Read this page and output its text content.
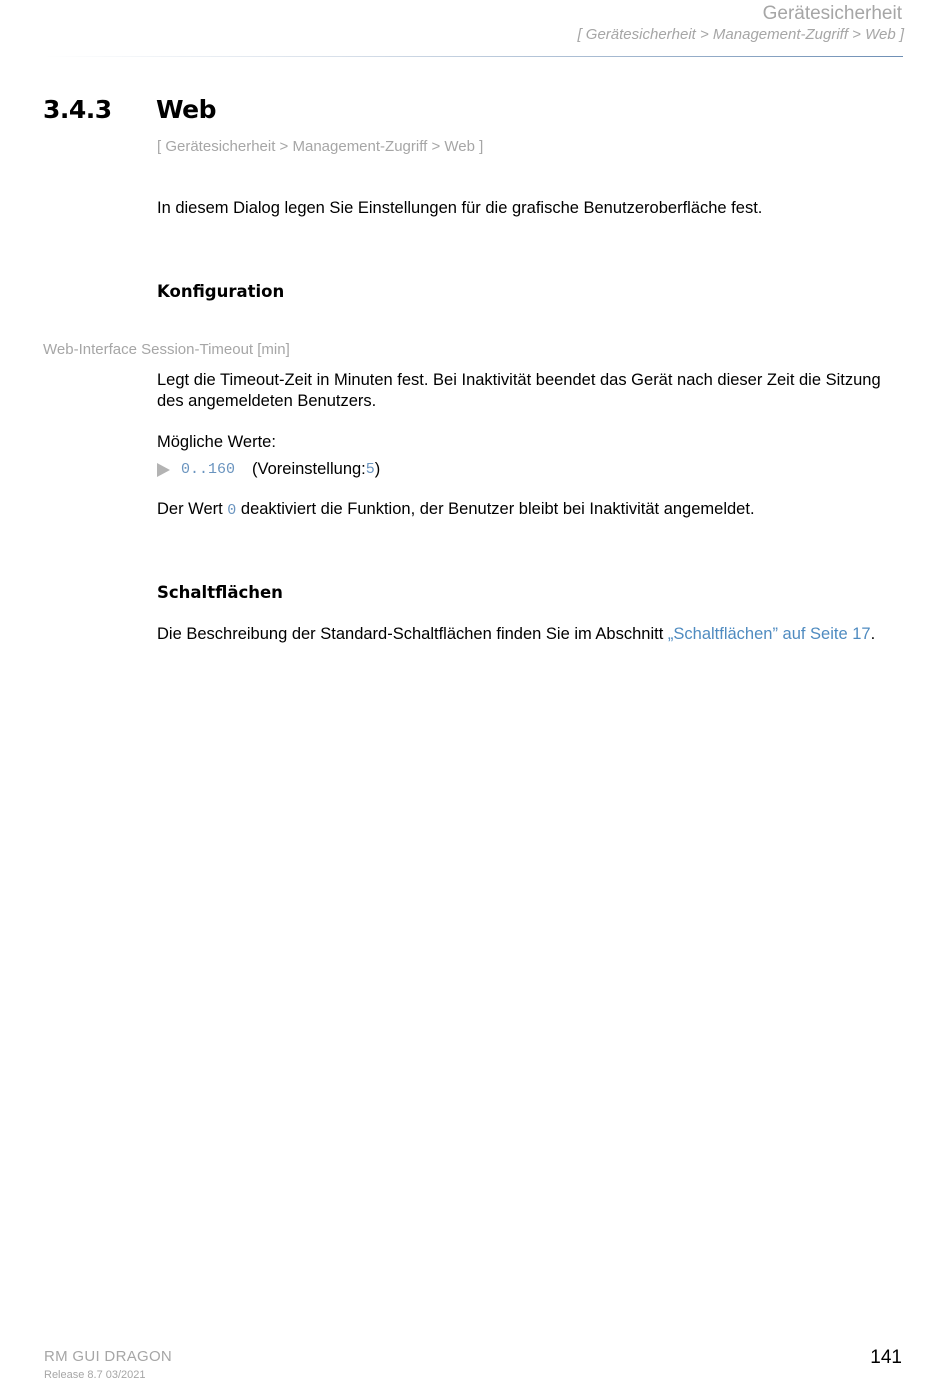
Gerätesicherheit
[ Gerätesicherheit > Management-Zugriff > Web ]
3.4.3 Web
[ Gerätesicherheit > Management-Zugriff > Web ]
In diesem Dialog legen Sie Einstellungen für die grafische Benutzeroberfläche fest.
Konfiguration
Web-Interface Session-Timeout [min]
Legt die Timeout-Zeit in Minuten fest. Bei Inaktivität beendet das Gerät nach dieser Zeit die Sitzung des angemeldeten Benutzers.
Mögliche Werte:
0..160 (Voreinstellung: 5 )
Der Wert 0 deaktiviert die Funktion, der Benutzer bleibt bei Inaktivität angemeldet.
Schaltflächen
Die Beschreibung der Standard-Schaltflächen finden Sie im Abschnitt „Schaltflächen” auf Seite 17.
RM GUI DRAGON
Release 8.7 03/2021
141
